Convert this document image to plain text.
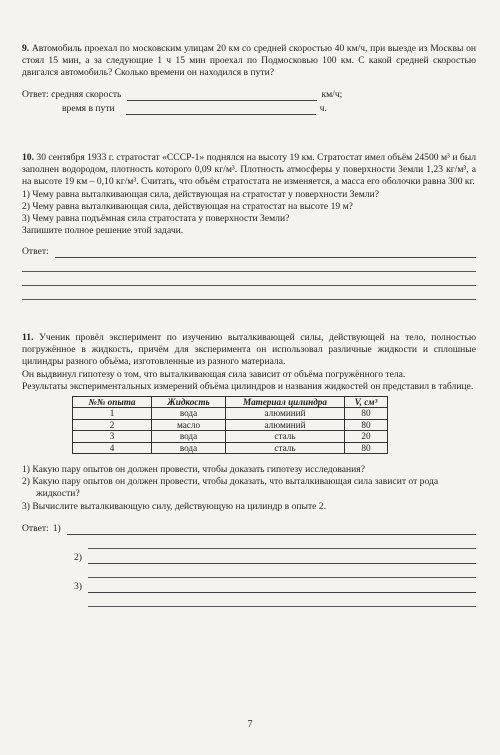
9. Автомобиль проехал по московским улицам 20 км со средней скоростью 40 км/ч, при выезде из Москвы он стоял 15 мин, а за следующие 1 ч 15 мин проехал по Подмосковью 100 км. С какой средней скоростью двигался автомобиль? Сколько времени он находился в пути?

Ответ: средняя скорость	км/ч;
время в пути	ч.

10. 30 сентября 1933 г. стратостат «СССР-1» поднялся на высоту 19 км. Стратостат имел объём 24500 м³ и был заполнен водородом, плотность которого 0,09 кг/м³. Плотность атмосферы у поверхности Земли 1,23 кг/м³, а на высоте 19 км – 0,10 кг/м³. Считать, что объём стратостата не изменяется, а масса его оболочки равна 300 кг.

1) Чему равна выталкивающая сила, действующая на стратостат у поверхности Земли?
2) Чему равна выталкивающая сила, действующая на стратостат на высоте 19 м?
3) Чему равна подъёмная сила стратостата у поверхности Земли?

Запишите полное решение этой задачи.

Ответ:

11. Ученик провёл эксперимент по изучению выталкивающей силы, действующей на тело, полностью погружённое в жидкость, причём для эксперимента он использовал различные жидкости и сплошные цилиндры разного объёма, изготовленные из разного материала.

Он выдвинул гипотезу о том, что выталкивающая сила зависит от объёма погружённого тела.

Результаты экспериментальных измерений объёма цилиндров и названия жидкостей он представил в таблице.

№№ опыта	Жидкость	Материал цилиндра	V, см³
1	вода	алюминий	80
2	масло	алюминий	80
3	вода	сталь	20
4	вода	сталь	80
1) Какую пару опытов он должен провести, чтобы доказать гипотезу исследования?
2) Какую пару опытов он должен провести, чтобы доказать, что выталкивающая сила зависит от рода жидкости?
3) Вычислите выталкивающую силу, действующую на цилиндр в опыте 2.
Ответ: 1)
2)
3)
7
